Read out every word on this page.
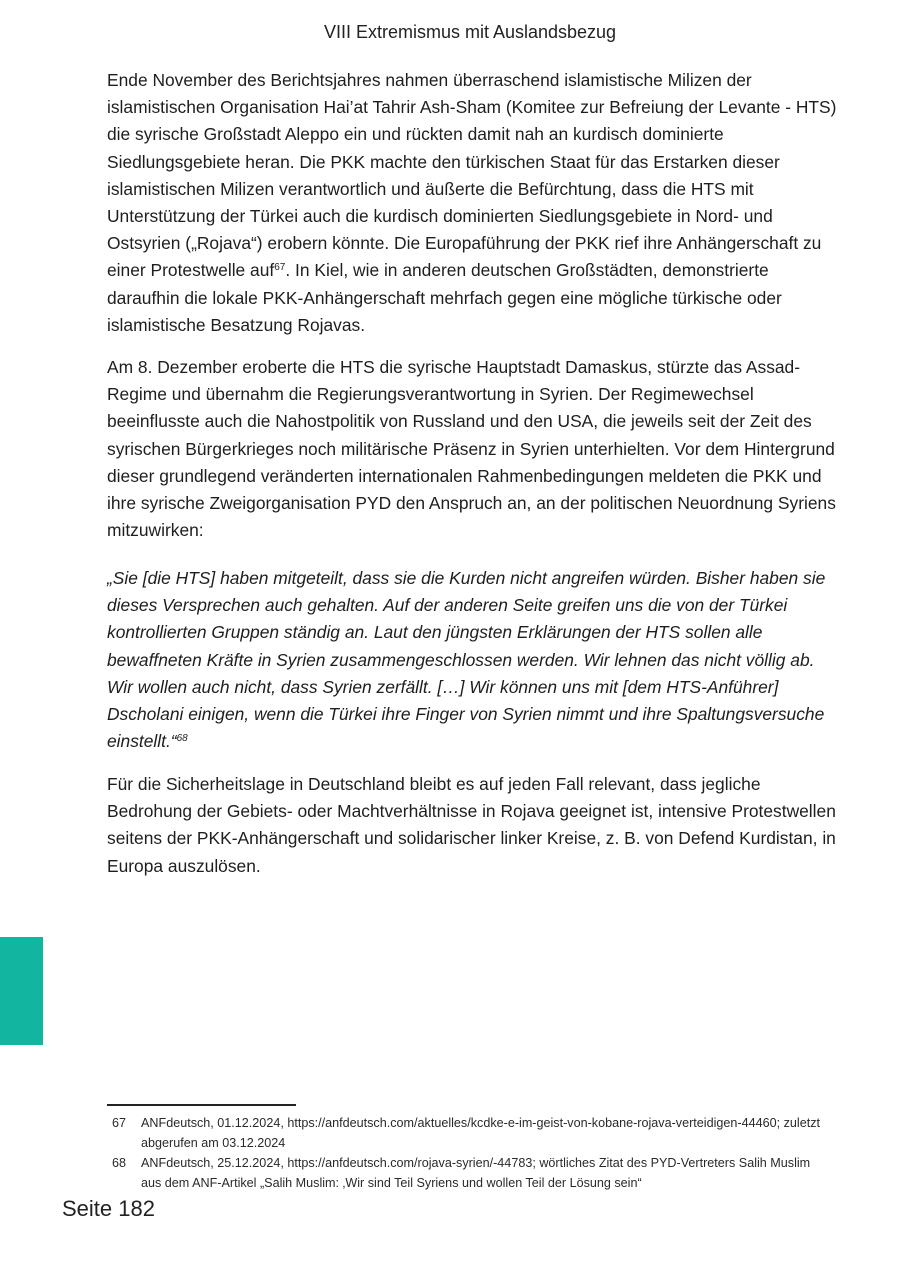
VIII Extremismus mit Auslandsbezug

Ende November des Berichtsjahres nahmen überraschend islamistische Milizen der islamistischen Organisation Hai’at Tahrir Ash-Sham (Komitee zur Befreiung der Levante - HTS) die syrische Großstadt Aleppo ein und rückten damit nah an kurdisch dominierte Siedlungsgebiete heran. Die PKK machte den türkischen Staat für das Erstarken dieser islamistischen Milizen verantwortlich und äußerte die Befürchtung, dass die HTS mit Unterstützung der Türkei auch die kurdisch dominierten Siedlungsgebiete in Nord- und Ostsyrien („Rojava“) erobern könnte. Die Europaführung der PKK rief ihre Anhängerschaft zu einer Protestwelle auf$^{67}$. In Kiel, wie in anderen deutschen Großstädten, demonstrierte daraufhin die lokale PKK-Anhängerschaft mehrfach gegen eine mögliche türkische oder islamistische Besatzung Rojavas.

Am 8. Dezember eroberte die HTS die syrische Hauptstadt Damaskus, stürzte das Assad-Regime und übernahm die Regierungsverantwortung in Syrien. Der Regimewechsel beeinflusste auch die Nahostpolitik von Russland und den USA, die jeweils seit der Zeit des syrischen Bürgerkrieges noch militärische Präsenz in Syrien unterhielten. Vor dem Hintergrund dieser grundlegend veränderten internationalen Rahmenbedingungen meldeten die PKK und ihre syrische Zweigorganisation PYD den Anspruch an, an der politischen Neuordnung Syriens mitzuwirken:

„Sie [die HTS] haben mitgeteilt, dass sie die Kurden nicht angreifen würden. Bisher haben sie dieses Versprechen auch gehalten. Auf der anderen Seite greifen uns die von der Türkei kontrollierten Gruppen ständig an. Laut den jüngsten Erklärungen der HTS sollen alle bewaffneten Kräfte in Syrien zusammengeschlossen werden. Wir lehnen das nicht völlig ab. Wir wollen auch nicht, dass Syrien zerfällt. […] Wir können uns mit [dem HTS-Anführer] Dscholani einigen, wenn die Türkei ihre Finger von Syrien nimmt und ihre Spaltungsversuche einstellt.“$^{68}$

Für die Sicherheitslage in Deutschland bleibt es auf jeden Fall relevant, dass jegliche Bedrohung der Gebiets- oder Machtverhältnisse in Rojava geeignet ist, intensive Protestwellen seitens der PKK-Anhängerschaft und solidarischer linker Kreise, z. B. von Defend Kurdistan, in Europa auszulösen.

67 ANFdeutsch, 01.12.2024, https://anfdeutsch.com/aktuelles/kcdke-e-im-geist-von-kobane-rojava-verteidigen-44460; zuletzt abgerufen am 03.12.2024
68 ANFdeutsch, 25.12.2024, https://anfdeutsch.com/rojava-syrien/-44783; wörtliches Zitat des PYD-Vertreters Salih Muslim aus dem ANF-Artikel „Salih Muslim: ‚Wir sind Teil Syriens und wollen Teil der Lösung sein“
Seite 182
